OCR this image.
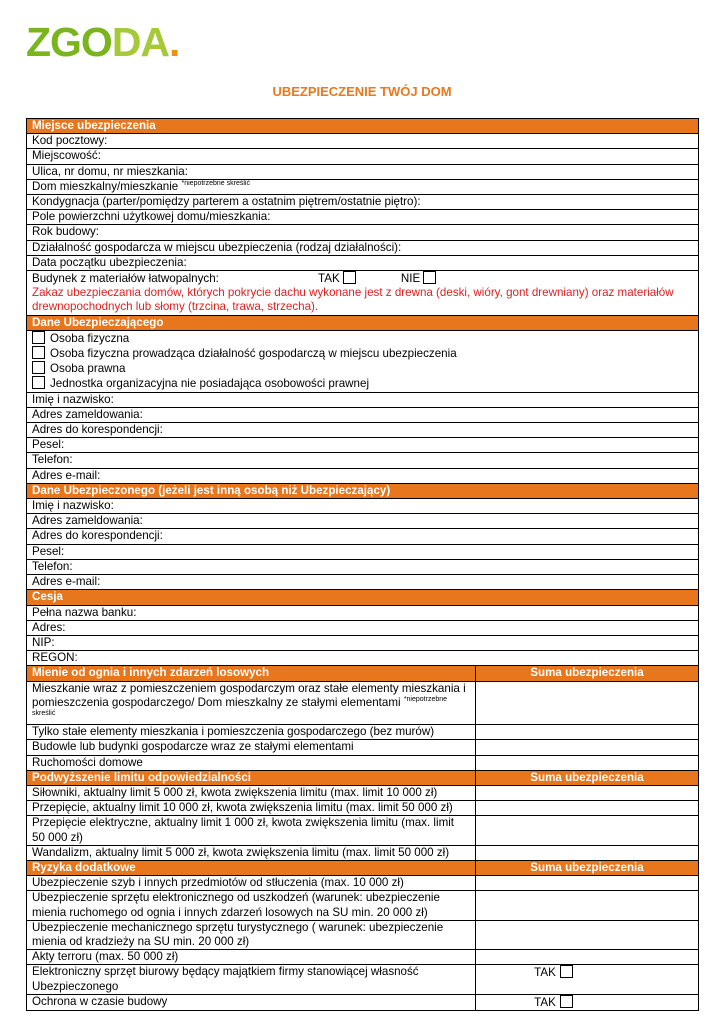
ZGODA.
UBEZPIECZENIE TWÓJ DOM
Miejsce ubezpieczenia	
Kod pocztowy:	
Miejscowość:	
Ulica, nr domu, nr mieszkania:	
Dom mieszkalny/mieszkanie $^{*niepotrzebne skreślić}$
Kondygnacja (parter/pomiędzy parterem a ostatnim piętrem/ostatnie piętro):	
Pole powierzchni użytkowej domu/mieszkania:	
Rok budowy:	
Działalność gospodarcza w miejscu ubezpieczenia (rodzaj działalności):	
Data początku ubezpieczenia:	
Budynek z materiałów łatwopalnych: TAK NIE
Zakaz ubezpieczania domów, których pokrycie dachu wykonane jest z drewna (deski, wióry, gont drewniany) oraz materiałów drewnopochodnych lub słomy (trzcina, trawa, strzecha).	

Dane Ubezpieczającego	

Osoba fizyczna
Osoba fizyczna prowadząca działalność gospodarczą w miejscu ubezpieczenia
Osoba prawna
Jednostka organizacyjna nie posiadająca osobowości prawnej	

Imię i nazwisko:	
Adres zameldowania:	
Adres do korespondencji:	
Pesel:	
Telefon:	
Adres e-mail:	
Dane Ubezpieczonego (jeżeli jest inną osobą niż Ubezpieczający)	
Imię i nazwisko:	
Adres zameldowania:	
Adres do korespondencji:	
Pesel:	
Telefon:	
Adres e-mail:	
Cesja	
Pełna nazwa banku:	
Adres:	
NIP:	
REGON:	
Mienie od ognia i innych zdarzeń losowych	Suma ubezpieczenia
Mieszkanie wraz z pomieszczeniem gospodarczym oraz stałe elementy mieszkania i pomieszczenia gospodarczego/ Dom mieszkalny ze stałymi elementami $^{*niepotrzebne skreślić}$	
Tylko stałe elementy mieszkania i pomieszczenia gospodarczego (bez murów)	
Budowle lub budynki gospodarcze wraz ze stałymi elementami	
Ruchomości domowe	
Podwyższenie limitu odpowiedzialności	Suma ubezpieczenia
Siłowniki, aktualny limit 5 000 zł, kwota zwiększenia limitu (max. limit 10 000 zł)	
Przepięcie, aktualny limit 10 000 zł, kwota zwiększenia limitu (max. limit 50 000 zł)	
Przepięcie elektryczne, aktualny limit 1 000 zł, kwota zwiększenia limitu (max. limit 50 000 zł)	
Wandalizm, aktualny limit 5 000 zł, kwota zwiększenia limitu (max. limit 50 000 zł)	
Ryzyka dodatkowe	Suma ubezpieczenia
Ubezpieczenie szyb i innych przedmiotów od stłuczenia (max. 10 000 zł)	
Ubezpieczenie sprzętu elektronicznego od uszkodzeń (warunek: ubezpieczenie mienia ruchomego od ognia i innych zdarzeń losowych na SU min. 20 000 zł)	
Ubezpieczenie mechanicznego sprzętu turystycznego ( warunek: ubezpieczenie mienia od kradzieży na SU min. 20 000 zł)	
Akty terroru (max. 50 000 zł)	
Elektroniczny sprzęt biurowy będący majątkiem firmy stanowiącej własność Ubezpieczonego	TAK
Ochrona w czasie budowy	TAK
